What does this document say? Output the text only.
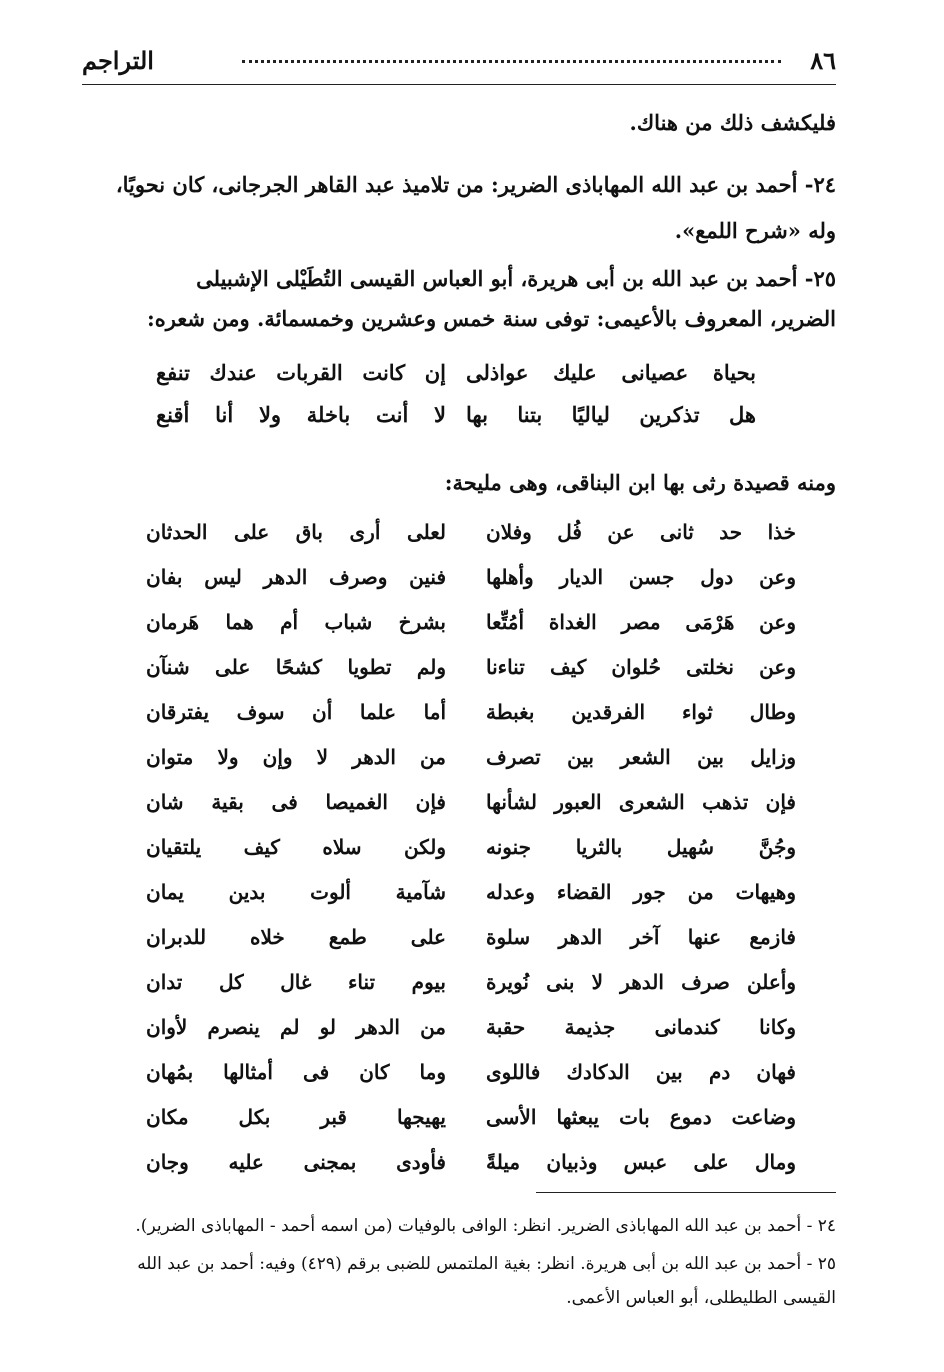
٨٦
التراجم
فليكشف ذلك من هناك.
٢٤- أحمد بن عبد الله المهاباذى الضرير: من تلاميذ عبد القاهر الجرجانى، كان نحويًا،
وله «شرح اللمع».
٢٥- أحمد بن عبد الله بن أبى هريرة، أبو العباس القيسى التُطَيْلى الإشبيلى
الضرير، المعروف بالأعيمى: توفى سنة خمس وعشرين وخمسمائة. ومن شعره:
بحياة عصيانى عليك عواذلى
إن كانت القربات عندك تنفع
هل تذكرين لياليًا بتنا بها
لا أنت باخلة ولا أنا أقنع
ومنه قصيدة رثى بها ابن البناقى، وهى مليحة:
خذا حد ثانى عن فُل وفلان
لعلى أرى باق على الحدثان
وعن دول جسن الديار وأهلها
فنين وصرف الدهر ليس بفان
وعن هَرْمَى مصر الغداة أمُتِّعا
بشرخ شباب أم هما هَرمان
وعن نخلتى حُلوان كيف تناءنا
ولم تطويا كشحًا على شنآن
وطال ثواء الفرقدين بغبطة
أما علما أن سوف يفترقان
وزايل بين الشعر بين تصرف
من الدهر لا وإن ولا متوان
فإن تذهب الشعرى العبور لشأنها
فإن الغميصا فى بقية شان
وجُنَّ سُهيل بالثريا جنونه
ولكن سلاه كيف يلتقيان
وهيهات من جور القضاء وعدله
شآمية ألوت بدين يمان
فازمع عنها آخر الدهر سلوة
على طمع خلاه للدبران
وأعلن صرف الدهر لا بنى نُويرة
بيوم تناء غال كل تدان
وكانا كندمانى جذيمة حقبة
من الدهر لو لم ينصرم لأوان
فهان دم بين الدكادك فاللوى
وما كان فى أمثالها بمُهان
وضاعت دموع بات يبعثها الأسى
يهيجها قبر بكل مكان
ومال على عبس وذبيان ميلةً
فأودى بمجنى عليه وجان
٢٤ - أحمد بن عبد الله المهاباذى الضرير. انظر: الوافى بالوفيات (من اسمه أحمد - المهاباذى الضرير).
٢٥ - أحمد بن عبد الله بن أبى هريرة. انظر: بغية الملتمس للضبى برقم (٤٢٩) وفيه: أحمد بن عبد الله
القيسى الطليطلى، أبو العباس الأعمى.
